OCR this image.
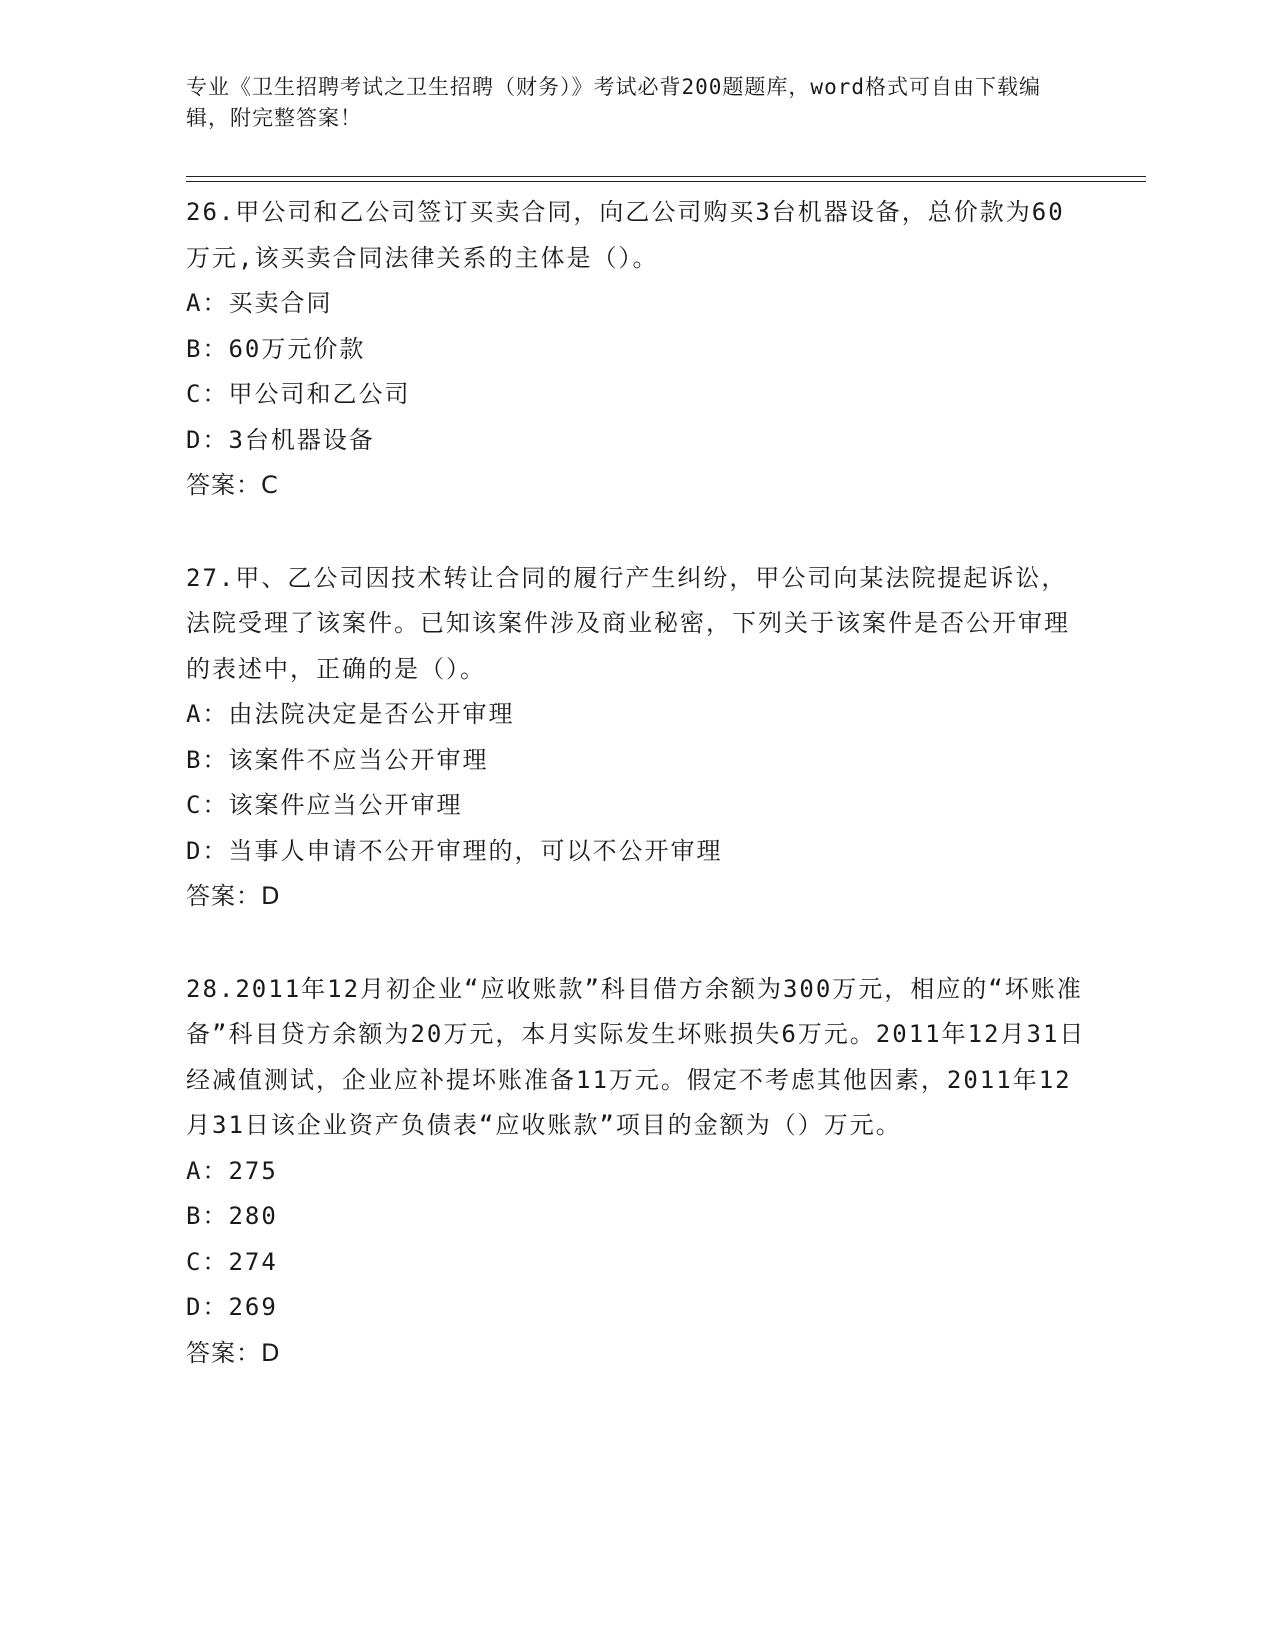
专业《卫生招聘考试之卫生招聘（财务）》考试必背200题题库，word格式可自由下载编辑，附完整答案！
26.甲公司和乙公司签订买卖合同，向乙公司购买3台机器设备，总价款为60万元,该买卖合同法律关系的主体是（）。
A：买卖合同
B：60万元价款
C：甲公司和乙公司
D：3台机器设备
答案：C
27.甲、乙公司因技术转让合同的履行产生纠纷，甲公司向某法院提起诉讼，法院受理了该案件。已知该案件涉及商业秘密，下列关于该案件是否公开审理的表述中，正确的是（）。
A：由法院决定是否公开审理
B：该案件不应当公开审理
C：该案件应当公开审理
D：当事人申请不公开审理的，可以不公开审理
答案：D
28.2011年12月初企业“应收账款”科目借方余额为300万元，相应的“坏账准备”科目贷方余额为20万元，本月实际发生坏账损失6万元。2011年12月31日经减值测试，企业应补提坏账准备11万元。假定不考虑其他因素，2011年12月31日该企业资产负债表“应收账款”项目的金额为（）万元。
A：275
B：280
C：274
D：269
答案：D
